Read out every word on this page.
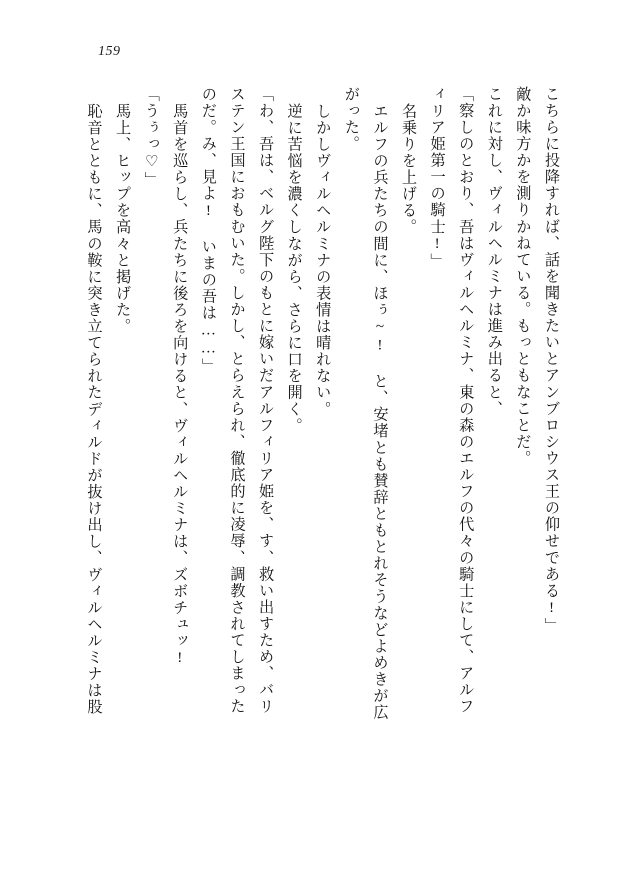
159
こちらに投降すれば、話を聞きたいとアンブロシウス王の仰せである!」
敵か味方かを測りかねている。もっともなことだ。
これに対し、ヴィルヘルミナは進み出ると、
「察しのとおり、吾はヴィルヘルミナ、東の森のエルフの代々の騎士にして、アルフ
ィリア姫第一の騎士!」
名乗りを上げる。
エルフの兵たちの間に、ほぅ~! と、安堵とも賛辞ともとれそうなどよめきが広
がった。
しかしヴィルヘルミナの表情は晴れない。
逆に苦悩を濃くしながら、さらに口を開く。
「わ、吾は、ベルグ陛下のもとに嫁いだアルフィリア姫を、す、救い出すため、バリ
ステン王国におもむいた。しかし、とらえられ、徹底的に凌辱、調教されてしまった
のだ。み、見よ! いまの吾は……」
馬首を巡らし、兵たちに後ろを向けると、ヴィルヘルミナは、ズボチュッ!
「うぅっ♡」
馬上、ヒップを高々と掲げた。
恥音とともに、馬の鞍に突き立てられたディルドが抜け出し、ヴィルヘルミナは股
